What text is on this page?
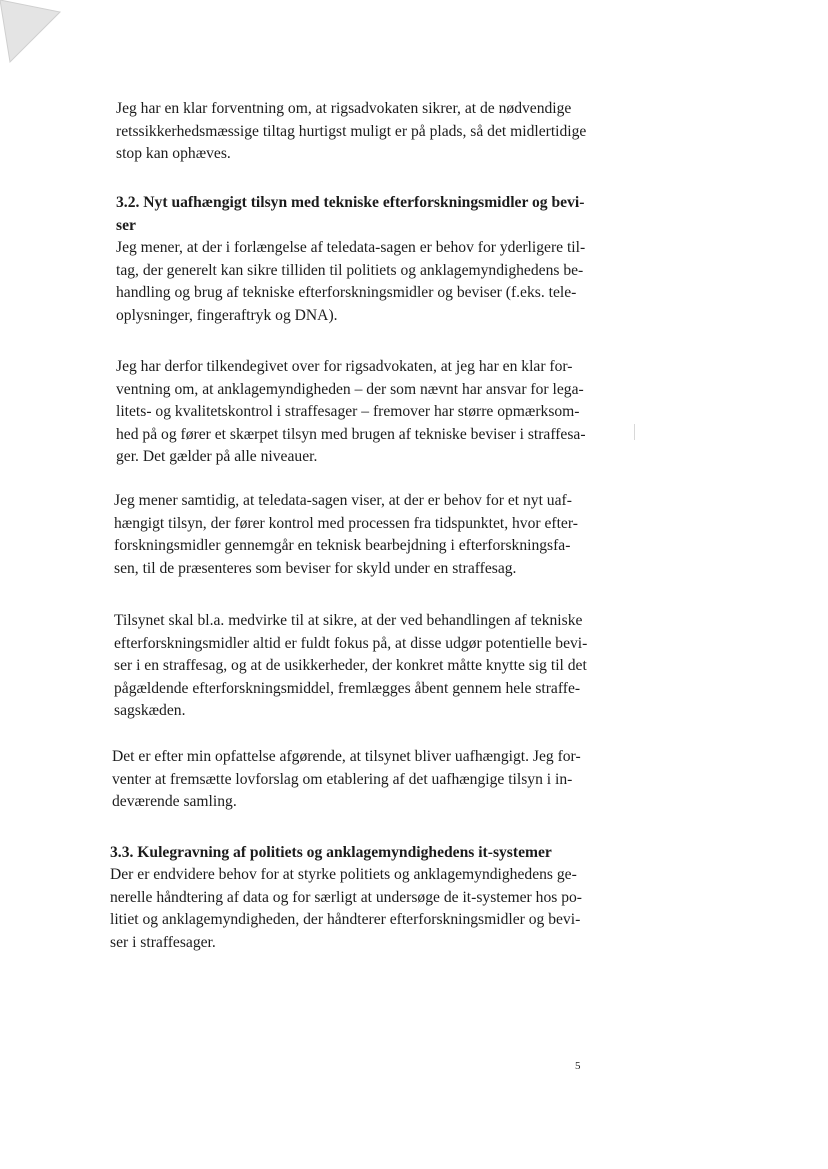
5
Jeg har en klar forventning om, at rigsadvokaten sikrer, at de nødvendige
retssikkerhedsmæssige tiltag hurtigst muligt er på plads, så det midlertidige
stop kan ophæves.
3.2. Nyt uafhængigt tilsyn med tekniske efterforskningsmidler og bevi-
ser
Jeg mener, at der i forlængelse af teledata-sagen er behov for yderligere til-
tag, der generelt kan sikre tilliden til politiets og anklagemyndighedens be-
handling og brug af tekniske efterforskningsmidler og beviser (f.eks. tele-
oplysninger, fingeraftryk og DNA).
Jeg har derfor tilkendegivet over for rigsadvokaten, at jeg har en klar for-
ventning om, at anklagemyndigheden – der som nævnt har ansvar for lega-
litets- og kvalitetskontrol i straffesager – fremover har større opmærksom-
hed på og fører et skærpet tilsyn med brugen af tekniske beviser i straffesa-
ger. Det gælder på alle niveauer.
Jeg mener samtidig, at teledata-sagen viser, at der er behov for et nyt uaf-
hængigt tilsyn, der fører kontrol med processen fra tidspunktet, hvor efter-
forskningsmidler gennemgår en teknisk bearbejdning i efterforskningsfa-
sen, til de præsenteres som beviser for skyld under en straffesag.
Tilsynet skal bl.a. medvirke til at sikre, at der ved behandlingen af tekniske
efterforskningsmidler altid er fuldt fokus på, at disse udgør potentielle bevi-
ser i en straffesag, og at de usikkerheder, der konkret måtte knytte sig til det
pågældende efterforskningsmiddel, fremlægges åbent gennem hele straffe-
sagskæden.
Det er efter min opfattelse afgørende, at tilsynet bliver uafhængigt. Jeg for-
venter at fremsætte lovforslag om etablering af det uafhængige tilsyn i in-
deværende samling.
3.3. Kulegravning af politiets og anklagemyndighedens it-systemer
Der er endvidere behov for at styrke politiets og anklagemyndighedens ge-
nerelle håndtering af data og for særligt at undersøge de it-systemer hos po-
litiet og anklagemyndigheden, der håndterer efterforskningsmidler og bevi-
ser i straffesager.
